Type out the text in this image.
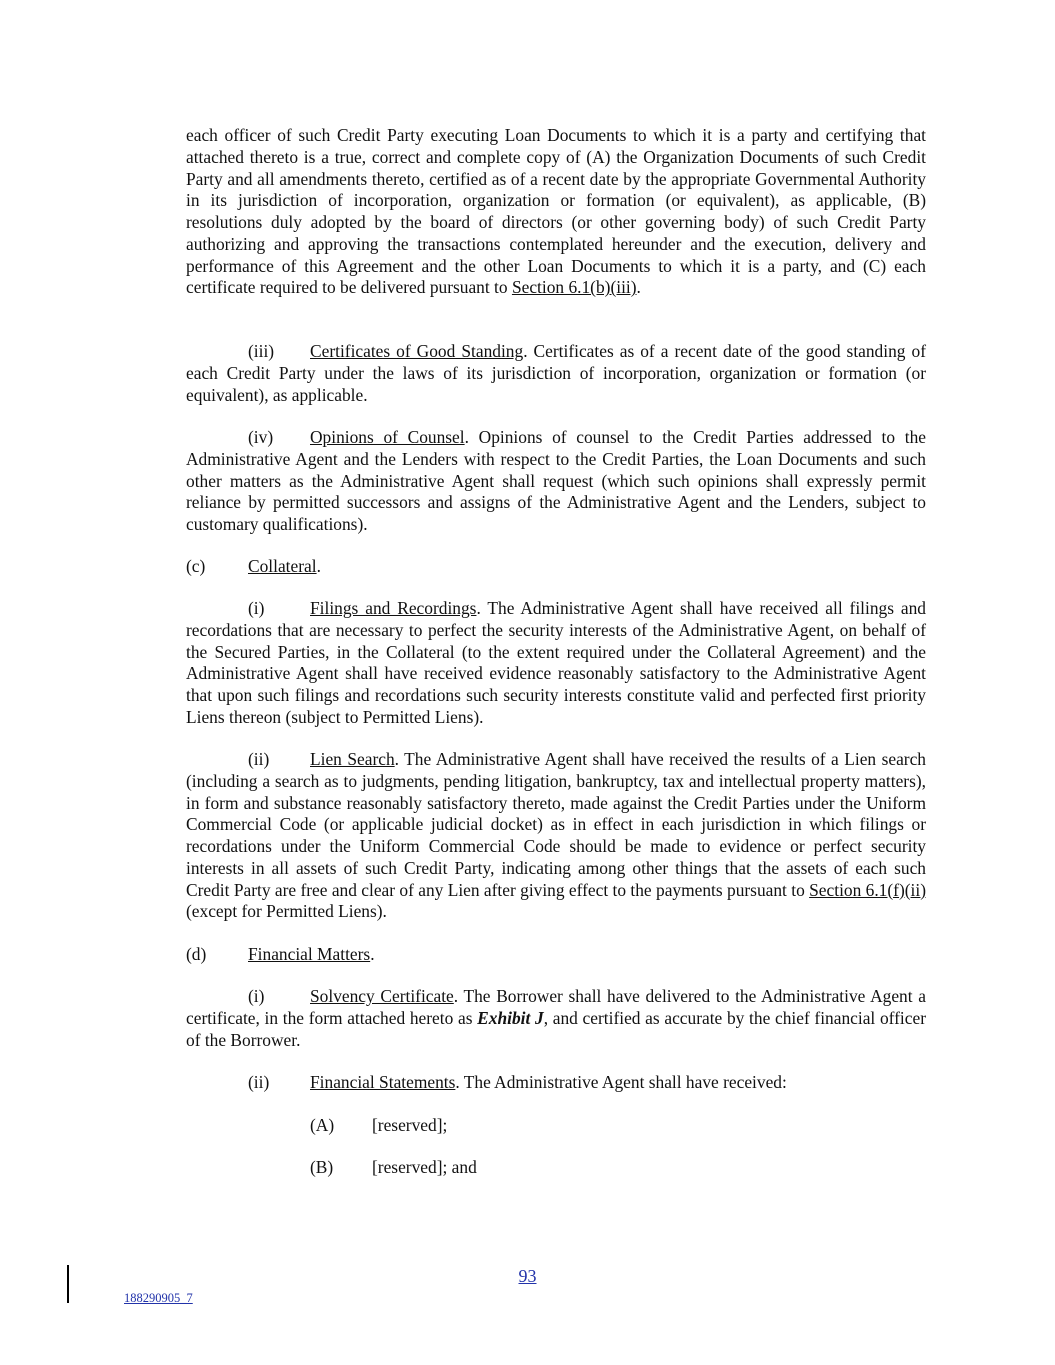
each officer of such Credit Party executing Loan Documents to which it is a party and certifying that attached thereto is a true, correct and complete copy of (A) the Organization Documents of such Credit Party and all amendments thereto, certified as of a recent date by the appropriate Governmental Authority in its jurisdiction of incorporation, organization or formation (or equivalent), as applicable, (B) resolutions duly adopted by the board of directors (or other governing body) of such Credit Party authorizing and approving the transactions contemplated hereunder and the execution, delivery and performance of this Agreement and the other Loan Documents to which it is a party, and (C) each certificate required to be delivered pursuant to Section 6.1(b)(iii).

(iii) Certificates of Good Standing. Certificates as of a recent date of the good standing of each Credit Party under the laws of its jurisdiction of incorporation, organization or formation (or equivalent), as applicable.

(iv) Opinions of Counsel. Opinions of counsel to the Credit Parties addressed to the Administrative Agent and the Lenders with respect to the Credit Parties, the Loan Documents and such other matters as the Administrative Agent shall request (which such opinions shall expressly permit reliance by permitted successors and assigns of the Administrative Agent and the Lenders, subject to customary qualifications).

(c) Collateral.

(i)	Filings and Recordings. The Administrative Agent shall have received all filings and recordations that are necessary to perfect the security interests of the Administrative Agent, on behalf of the Secured Parties, in the Collateral (to the extent required under the Collateral Agreement) and the Administrative Agent shall have received evidence reasonably satisfactory to the Administrative Agent that upon such filings and recordations such security interests constitute valid and perfected first priority Liens thereon (subject to Permitted Liens).

(ii) Lien Search. The Administrative Agent shall have received the results of a Lien search (including a search as to judgments, pending litigation, bankruptcy, tax and intellectual property matters), in form and substance reasonably satisfactory thereto, made against the Credit Parties under the Uniform Commercial Code (or applicable judicial docket) as in effect in each jurisdiction in which filings or recordations under the Uniform Commercial Code should be made to evidence or perfect security interests in all assets of such Credit Party, indicating among other things that the assets of each such Credit Party are free and clear of any Lien after giving effect to the payments pursuant to Section 6.1(f)(ii) (except for Permitted Liens).

(d) Financial Matters.

(i)	Solvency Certificate. The Borrower shall have delivered to the Administrative Agent a certificate, in the form attached hereto as Exhibit J, and certified as accurate by the chief financial officer of the Borrower.

(ii) Financial Statements. The Administrative Agent shall have received:

(A) [reserved];

(B) [reserved]; and

93
188290905_7
